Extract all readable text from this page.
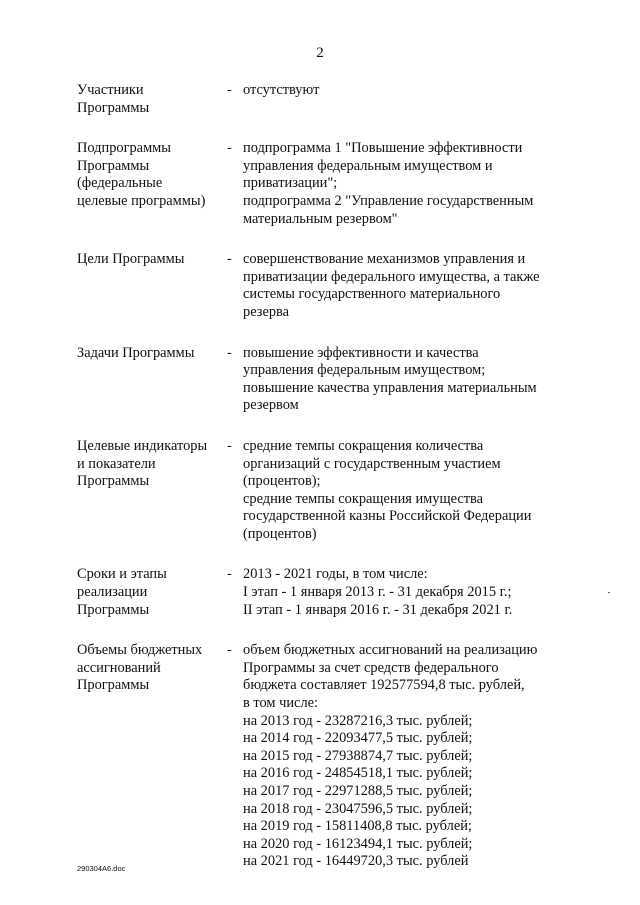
2
Участники
Программы
- отсутствуют
Подпрограммы
Программы
(федеральные
целевые программы)
- подпрограмма 1 "Повышение эффективности
управления федеральным имуществом и
приватизации";
подпрограмма 2 "Управление государственным
материальным резервом"
Цели Программы	- совершенствование механизмов управления и
приватизации федерального имущества, а также
системы государственного материального
резерва
Задачи Программы	- повышение эффективности и качества
управления федеральным имуществом;
повышение качества управления материальным
резервом
Целевые индикаторы
и показатели
Программы
- средние темпы сокращения количества
организаций с государственным участием
(процентов);
средние темпы сокращения имущества
государственной казны Российской Федерации
(процентов)
Сроки и этапы
реализации
Программы
- 2013 - 2021 годы, в том числе:
I этап - 1 января 2013 г. - 31 декабря 2015 г.;
II этап - 1 января 2016 г. - 31 декабря 2021 г.
Объемы бюджетных
ассигнований
Программы
- объем бюджетных ассигнований на реализацию
Программы за счет средств федерального
бюджета составляет 192577594,8 тыс. рублей,
в том числе:
на 2013 год - 23287216,3 тыс. рублей;
на 2014 год - 22093477,5 тыс. рублей;
на 2015 год - 27938874,7 тыс. рублей;
на 2016 год - 24854518,1 тыс. рублей;
на 2017 год - 22971288,5 тыс. рублей;
на 2018 год - 23047596,5 тыс. рублей;
на 2019 год - 15811408,8 тыс. рублей;
на 2020 год - 16123494,1 тыс. рублей;
на 2021 год - 16449720,3 тыс. рублей
290304A6.doc
